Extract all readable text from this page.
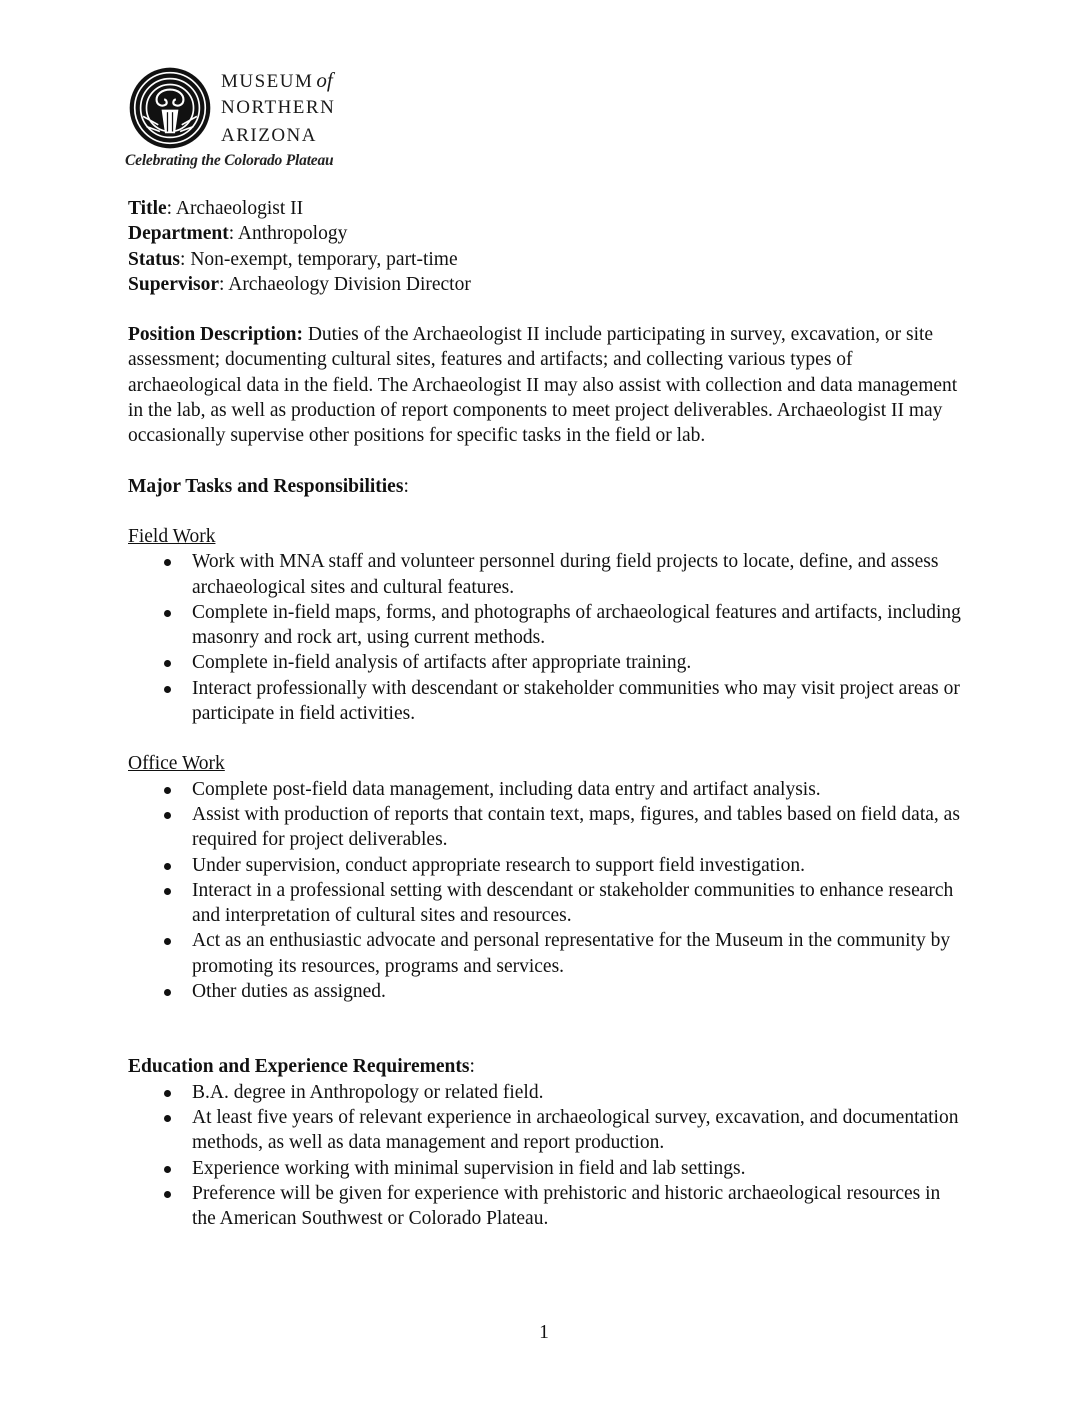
MUSEUM of
NORTHERN
ARIZONA
Celebrating the Colorado Plateau

Title: Archaeologist II

Department: Anthropology

Status: Non-exempt, temporary, part-time

Supervisor: Archaeology Division Director

Position Description: Duties of the Archaeologist II include participating in survey, excavation, or site assessment; documenting cultural sites, features and artifacts; and collecting various types of archaeological data in the field. The Archaeologist II may also assist with collection and data management in the lab, as well as production of report components to meet project deliverables. Archaeologist II may occasionally supervise other positions for specific tasks in the field or lab.

Major Tasks and Responsibilities:

Field Work

Work with MNA staff and volunteer personnel during field projects to locate, define, and assess archaeological sites and cultural features.
Complete in-field maps, forms, and photographs of archaeological features and artifacts, including masonry and rock art, using current methods.
Complete in-field analysis of artifacts after appropriate training.
Interact professionally with descendant or stakeholder communities who may visit project areas or participate in field activities.

Office Work

Complete post-field data management, including data entry and artifact analysis.
Assist with production of reports that contain text, maps, figures, and tables based on field data, as required for project deliverables.
Under supervision, conduct appropriate research to support field investigation.
Interact in a professional setting with descendant or stakeholder communities to enhance research and interpretation of cultural sites and resources.
Act as an enthusiastic advocate and personal representative for the Museum in the community by promoting its resources, programs and services.
Other duties as assigned.

Education and Experience Requirements:

B.A. degree in Anthropology or related field.
At least five years of relevant experience in archaeological survey, excavation, and documentation methods, as well as data management and report production.
Experience working with minimal supervision in field and lab settings.
Preference will be given for experience with prehistoric and historic archaeological resources in the American Southwest or Colorado Plateau.
1
